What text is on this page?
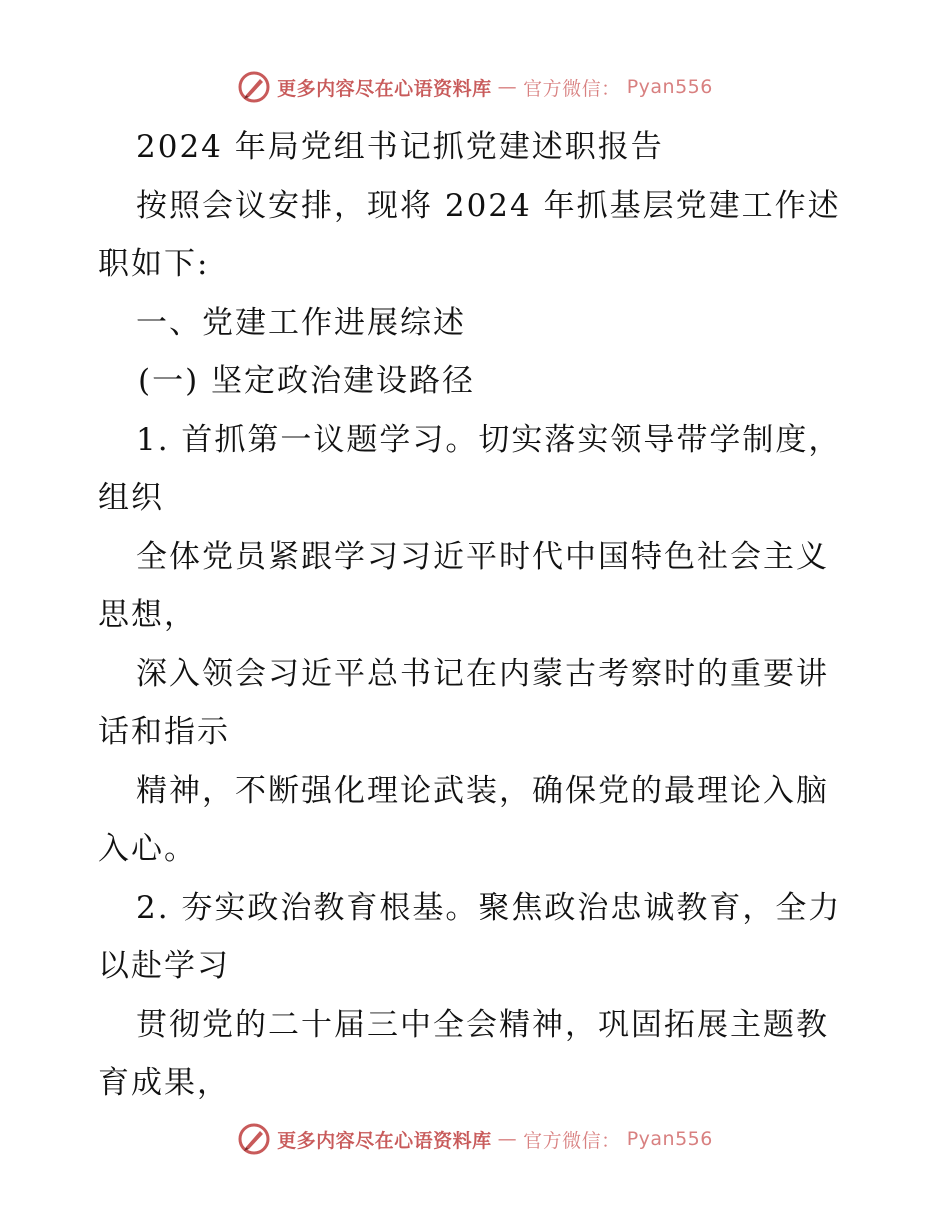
更多内容尽在心语资料库 — 官方微信： Pyan556

2024 年局党组书记抓党建述职报告

按照会议安排，现将 2024 年抓基层党建工作述

职如下:

一、党建工作进展综述

(一) 坚定政治建设路径

1. 首抓第一议题学习。切实落实领导带学制度，

组织

全体党员紧跟学习习近平时代中国特色社会主义

思想，

深入领会习近平总书记在内蒙古考察时的重要讲

话和指示

精神，不断强化理论武装，确保党的最理论入脑

入心。

2. 夯实政治教育根基。聚焦政治忠诚教育，全力

以赴学习

贯彻党的二十届三中全会精神，巩固拓展主题教

育成果，

更多内容尽在心语资料库 — 官方微信： Pyan556
